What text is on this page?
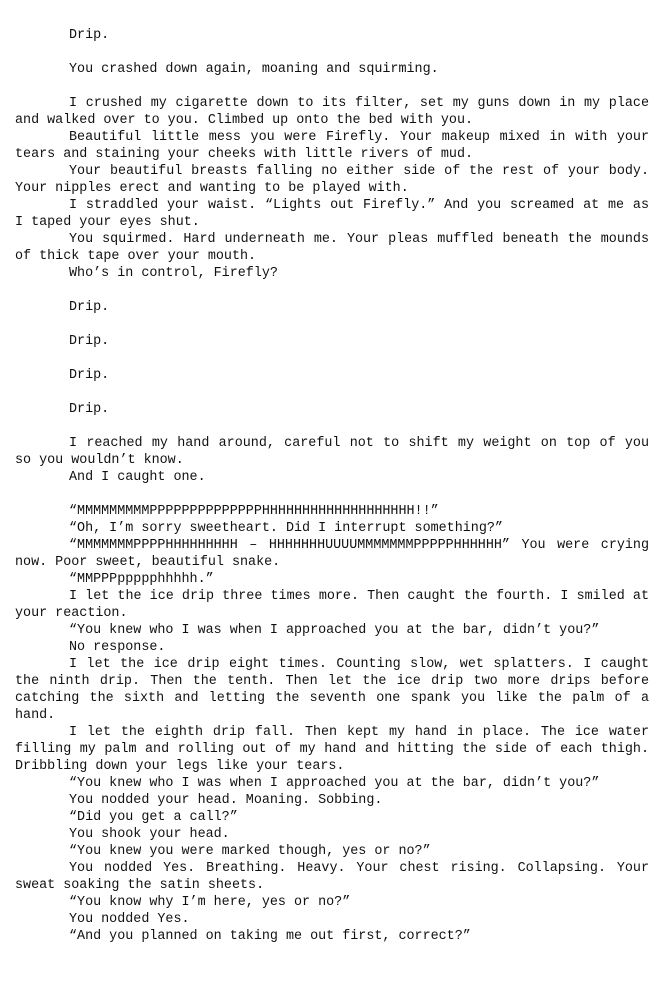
Drip.

You crashed down again, moaning and squirming.

I crushed my cigarette down to its filter, set my guns down in my place and walked over to you. Climbed up onto the bed with you.

Beautiful little mess you were Firefly. Your makeup mixed in with your tears and staining your cheeks with little rivers of mud.

Your beautiful breasts falling no either side of the rest of your body. Your nipples erect and wanting to be played with.

I straddled your waist. “Lights out Firefly.” And you screamed at me as I taped your eyes shut.

You squirmed. Hard underneath me. Your pleas muffled beneath the mounds of thick tape over your mouth.

Who’s in control, Firefly?

Drip.

Drip.

Drip.

Drip.

I reached my hand around, careful not to shift my weight on top of you so you wouldn’t know.

And I caught one.

“MMMMMMMMMPPPPPPPPPPPPPPHHHHHHHHHHHHHHHHHHH!!”

“Oh, I’m sorry sweetheart. Did I interrupt something?”

“MMMMMMMPPPPHHHHHHHHH – HHHHHHHUUUUMMMMMMMPPPPPHHHHHH” You were crying now. Poor sweet, beautiful snake.

“MMPPPppppphhhhh.”

I let the ice drip three times more. Then caught the fourth. I smiled at your reaction.

“You knew who I was when I approached you at the bar, didn’t you?”

No response.

I let the ice drip eight times. Counting slow, wet splatters. I caught the ninth drip. Then the tenth. Then let the ice drip two more drips before catching the sixth and letting the seventh one spank you like the palm of a hand.

I let the eighth drip fall. Then kept my hand in place. The ice water filling my palm and rolling out of my hand and hitting the side of each thigh. Dribbling down your legs like your tears.

“You knew who I was when I approached you at the bar, didn’t you?”

You nodded your head. Moaning. Sobbing.

“Did you get a call?”

You shook your head.

“You knew you were marked though, yes or no?”

You nodded Yes. Breathing. Heavy. Your chest rising. Collapsing. Your sweat soaking the satin sheets.

“You know why I’m here, yes or no?”

You nodded Yes.

“And you planned on taking me out first, correct?”
